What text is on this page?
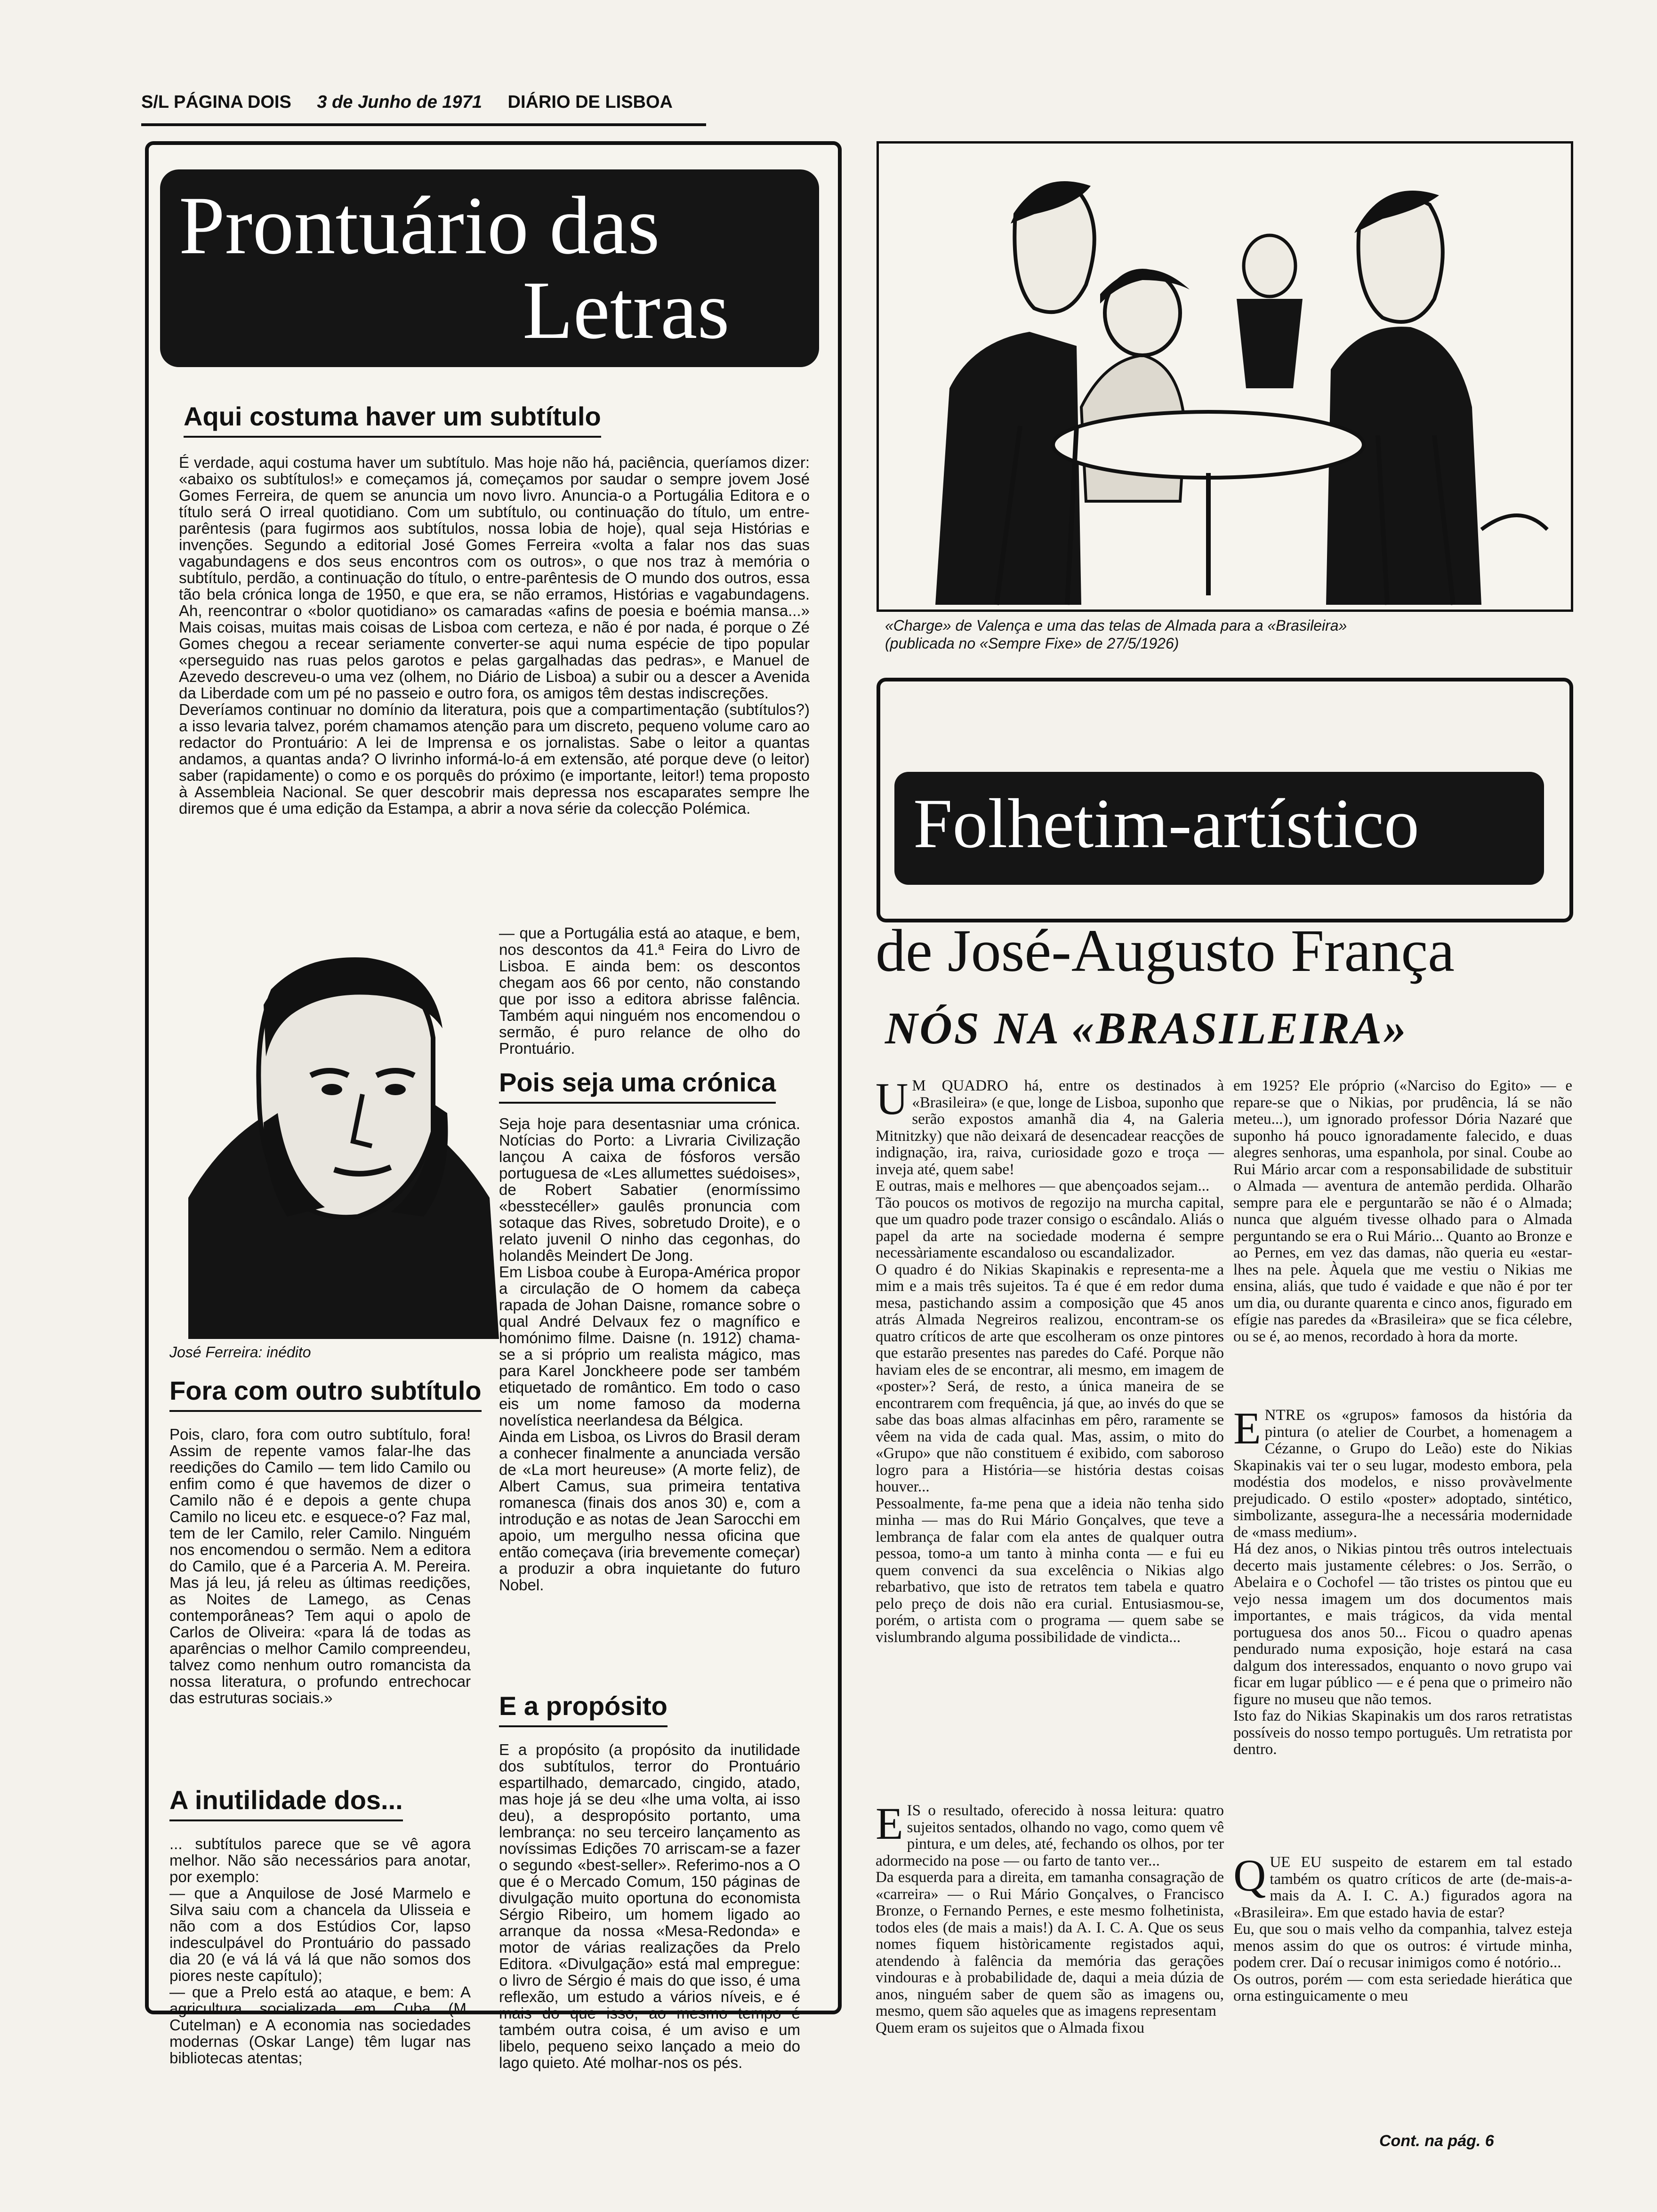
S/L PÁGINA DOIS 3 de Junho de 1971 DIÁRIO DE LISBOA
Prontuário das
Letras
Aqui costuma haver um subtítulo
É verdade, aqui costuma haver um subtítulo. Mas hoje não há, paciência, queríamos dizer: «abaixo os subtítulos!» e começamos já, começamos por saudar o sempre jovem José Gomes Ferreira, de quem se anuncia um novo livro. Anuncia-o a Portugália Editora e o título será O irreal quotidiano. Com um subtítulo, ou continuação do título, um entre-parêntesis (para fugirmos aos subtítulos, nossa lobia de hoje), qual seja Histórias e invenções. Segundo a editorial José Gomes Ferreira «volta a falar nos das suas vagabundagens e dos seus encontros com os outros», o que nos traz à memória o subtítulo, perdão, a continuação do título, o entre-parêntesis de O mundo dos outros, essa tão bela crónica longa de 1950, e que era, se não erramos, Histórias e vagabundagens. Ah, reencontrar o «bolor quotidiano» os camaradas «afins de poesia e boémia mansa...» Mais coisas, muitas mais coisas de Lisboa com certeza, e não é por nada, é porque o Zé Gomes chegou a recear seriamente converter-se aqui numa espécie de tipo popular «perseguido nas ruas pelos garotos e pelas gargalhadas das pedras», e Manuel de Azevedo descreveu-o uma vez (olhem, no Diário de Lisboa) a subir ou a descer a Avenida da Liberdade com um pé no passeio e outro fora, os amigos têm destas indiscreções.
Deveríamos continuar no domínio da literatura, pois que a compartimentação (subtítulos?) a isso levaria talvez, porém chamamos atenção para um discreto, pequeno volume caro ao redactor do Prontuário: A lei de Imprensa e os jornalistas. Sabe o leitor a quantas andamos, a quantas anda? O livrinho informá-lo-á em extensão, até porque deve (o leitor) saber (rapidamente) o como e os porquês do próximo (e importante, leitor!) tema proposto à Assembleia Nacional. Se quer descobrir mais depressa nos escaparates sempre lhe diremos que é uma edição da Estampa, a abrir a nova série da colecção Polémica.
José Ferreira: inédito
Fora com outro subtítulo
Pois, claro, fora com outro subtítulo, fora! Assim de repente vamos falar-lhe das reedições do Camilo — tem lido Camilo ou enfim como é que havemos de dizer o Camilo não é e depois a gente chupa Camilo no liceu etc. e esquece-o? Faz mal, tem de ler Camilo, reler Camilo. Ninguém nos encomendou o sermão. Nem a editora do Camilo, que é a Parceria A. M. Pereira. Mas já leu, já releu as últimas reedições, as Noites de Lamego, as Cenas contemporâneas? Tem aqui o apolo de Carlos de Oliveira: «para lá de todas as aparências o melhor Camilo compreendeu, talvez como nenhum outro romancista da nossa literatura, o profundo entrechocar das estruturas sociais.»
A inutilidade dos...
... subtítulos parece que se vê agora melhor. Não são necessários para anotar, por exemplo:
— que a Anquilose de José Marmelo e Silva saiu com a chancela da Ulisseia e não com a dos Estúdios Cor, lapso indesculpável do Prontuário do passado dia 20 (e vá lá vá lá que não somos dos piores neste capítulo);
— que a Prelo está ao ataque, e bem: A agricultura socializada em Cuba (M. Cutelman) e A economia nas sociedades modernas (Oskar Lange) têm lugar nas bibliotecas atentas;
— que a Portugália está ao ataque, e bem, nos descontos da 41.ª Feira do Livro de Lisboa. E ainda bem: os descontos chegam aos 66 por cento, não constando que por isso a editora abrisse falência. Também aqui ninguém nos encomendou o sermão, é puro relance de olho do Prontuário.
Pois seja uma crónica
Seja hoje para desentasniar uma crónica. Notícias do Porto: a Livraria Civilização lançou A caixa de fósforos versão portuguesa de «Les allumettes suédoises», de Robert Sabatier (enormíssimo «besstecéller» gaulês pronuncia com sotaque das Rives, sobretudo Droite), e o relato juvenil O ninho das cegonhas, do holandês Meindert De Jong.
Em Lisboa coube à Europa-América propor a circulação de O homem da cabeça rapada de Johan Daisne, romance sobre o qual André Delvaux fez o magnífico e homónimo filme. Daisne (n. 1912) chama-se a si próprio um realista mágico, mas para Karel Jonckheere pode ser também etiquetado de romântico. Em todo o caso eis um nome famoso da moderna novelística neerlandesa da Bélgica.
Ainda em Lisboa, os Livros do Brasil deram a conhecer finalmente a anunciada versão de «La mort heureuse» (A morte feliz), de Albert Camus, sua primeira tentativa romanesca (finais dos anos 30) e, com a introdução e as notas de Jean Sarocchi em apoio, um mergulho nessa oficina que então começava (iria brevemente começar) a produzir a obra inquietante do futuro Nobel.
E a propósito
E a propósito (a propósito da inutilidade dos subtítulos, terror do Prontuário espartilhado, demarcado, cingido, atado, mas hoje já se deu «lhe uma volta, ai isso deu), a despropósito portanto, uma lembrança: no seu terceiro lançamento as novíssimas Edições 70 arriscam-se a fazer o segundo «best-seller». Referimo-nos a O que é o Mercado Comum, 150 páginas de divulgação muito oportuna do economista Sérgio Ribeiro, um homem ligado ao arranque da nossa «Mesa-Redonda» e motor de várias realizações da Prelo Editora. «Divulgação» está mal empregue: o livro de Sérgio é mais do que isso, é uma reflexão, um estudo a vários níveis, e é mais do que isso, ao mesmo tempo é também outra coisa, é um aviso e um libelo, pequeno seixo lançado a meio do lago quieto. Até molhar-nos os pés.
«Charge» de Valença e uma das telas de Almada para a «Brasileira»
(publicada no «Sempre Fixe» de 27/5/1926)
Folhetim-artístico
de José-Augusto França
NÓS NA «BRASILEIRA»
U M QUADRO há, entre os destinados à «Brasileira» (e que, longe de Lisboa, suponho que serão expostos amanhã dia 4, na Galeria Mitnitzky) que não deixará de desencadear reacções de indignação, ira, raiva, curiosidade gozo e troça — inveja até, quem sabe!
E outras, mais e melhores — que abençoados sejam...
Tão poucos os motivos de regozijo na murcha capital, que um quadro pode trazer consigo o escândalo. Aliás o papel da arte na sociedade moderna é sempre necessàriamente escandaloso ou escandalizador.
O quadro é do Nikias Skapinakis e representa-me a mim e a mais três sujeitos. Ta é que é em redor duma mesa, pastichando assim a composição que 45 anos atrás Almada Negreiros realizou, encontram-se os quatro críticos de arte que escolheram os onze pintores que estarão presentes nas paredes do Café. Porque não haviam eles de se encontrar, ali mesmo, em imagem de «poster»? Será, de resto, a única maneira de se encontrarem com frequência, já que, ao invés do que se sabe das boas almas alfacinhas em pêro, raramente se vêem na vida de cada qual. Mas, assim, o mito do «Grupo» que não constituem é exibido, com saboroso logro para a História—se história destas coisas houver...
Pessoalmente, fa-me pena que a ideia não tenha sido minha — mas do Rui Mário Gonçalves, que teve a lembrança de falar com ela antes de qualquer outra pessoa, tomo-a um tanto à minha conta — e fui eu quem convenci da sua excelência o Nikias algo rebarbativo, que isto de retratos tem tabela e quatro pelo preço de dois não era curial. Entusiasmou-se, porém, o artista com o programa — quem sabe se vislumbrando alguma possibilidade de vindicta...
E IS o resultado, oferecido à nossa leitura: quatro sujeitos sentados, olhando no vago, como quem vê pintura, e um deles, até, fechando os olhos, por ter adormecido na pose — ou farto de tanto ver...
Da esquerda para a direita, em tamanha consagração de «carreira» — o Rui Mário Gonçalves, o Francisco Bronze, o Fernando Pernes, e este mesmo folhetinista, todos eles (de mais a mais!) da A. I. C. A. Que os seus nomes fiquem històricamente registados aqui, atendendo à falência da memória das gerações vindouras e à probabilidade de, daqui a meia dúzia de anos, ninguém saber de quem são as imagens ou, mesmo, quem são aqueles que as imagens representam
Quem eram os sujeitos que o Almada fixou
em 1925? Ele próprio («Narciso do Egito» — e repare-se que o Nikias, por prudência, lá se não meteu...), um ignorado professor Dória Nazaré que suponho há pouco ignoradamente falecido, e duas alegres senhoras, uma espanhola, por sinal. Coube ao Rui Mário arcar com a responsabilidade de substituir o Almada — aventura de antemão perdida. Olharão sempre para ele e perguntarão se não é o Almada; nunca que alguém tivesse olhado para o Almada perguntando se era o Rui Mário... Quanto ao Bronze e ao Pernes, em vez das damas, não queria eu «estar-lhes na pele. Àquela que me vestiu o Nikias me ensina, aliás, que tudo é vaidade e que não é por ter um dia, ou durante quarenta e cinco anos, figurado em efígie nas paredes da «Brasileira» que se fica célebre, ou se é, ao menos, recordado à hora da morte.
E NTRE os «grupos» famosos da história da pintura (o atelier de Courbet, a homenagem a Cézanne, o Grupo do Leão) este do Nikias Skapinakis vai ter o seu lugar, modesto embora, pela modéstia dos modelos, e nisso provàvelmente prejudicado. O estilo «poster» adoptado, sintético, simbolizante, assegura-lhe a necessária modernidade de «mass medium».
Há dez anos, o Nikias pintou três outros intelectuais decerto mais justamente célebres: o Jos. Serrão, o Abelaira e o Cochofel — tão tristes os pintou que eu vejo nessa imagem um dos documentos mais importantes, e mais trágicos, da vida mental portuguesa dos anos 50... Ficou o quadro apenas pendurado numa exposição, hoje estará na casa dalgum dos interessados, enquanto o novo grupo vai ficar em lugar público — e é pena que o primeiro não figure no museu que não temos.
Isto faz do Nikias Skapinakis um dos raros retratistas possíveis do nosso tempo português. Um retratista por dentro.
Q UE EU suspeito de estarem em tal estado também os quatro críticos de arte (de-mais-a-mais da A. I. C. A.) figurados agora na «Brasileira». Em que estado havia de estar?
Eu, que sou o mais velho da companhia, talvez esteja menos assim do que os outros: é virtude minha, podem crer. Daí o recusar inimigos como é notório...
Os outros, porém — com esta seriedade hierática que orna estinguicamente o meu
Cont. na pág. 6
